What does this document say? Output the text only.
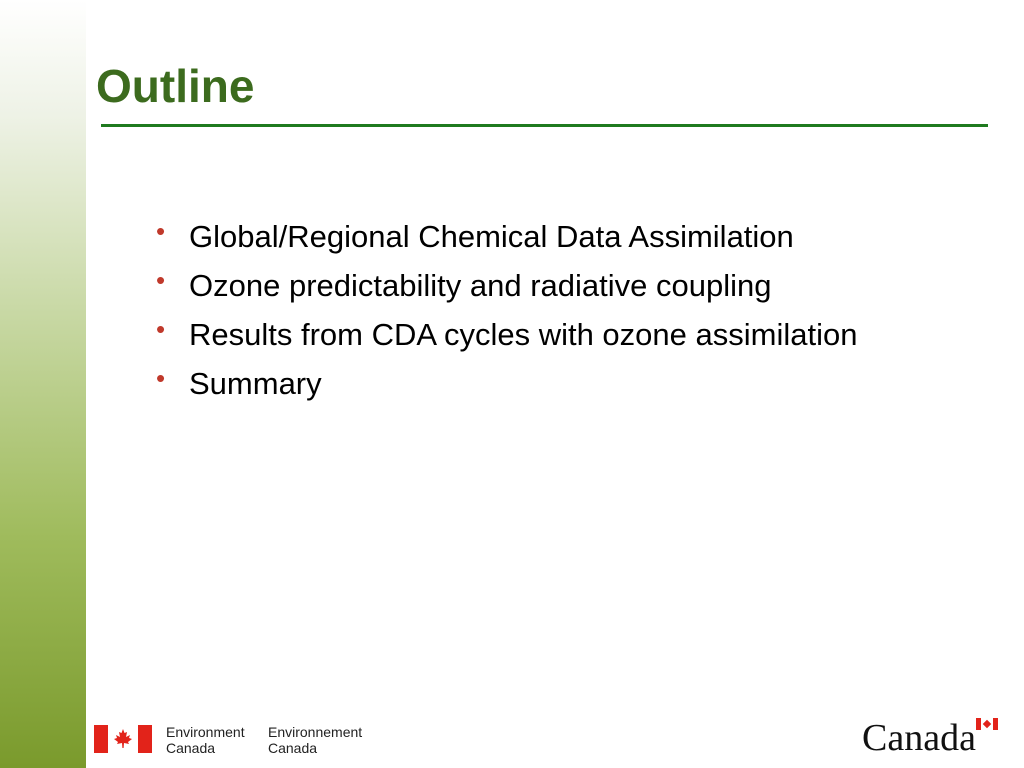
Outline
• Global/Regional Chemical Data Assimilation
• Ozone predictability and radiative coupling
• Results from CDA cycles with ozone assimilation
• Summary
Environment
Canada
Environnement
Canada	Canada
